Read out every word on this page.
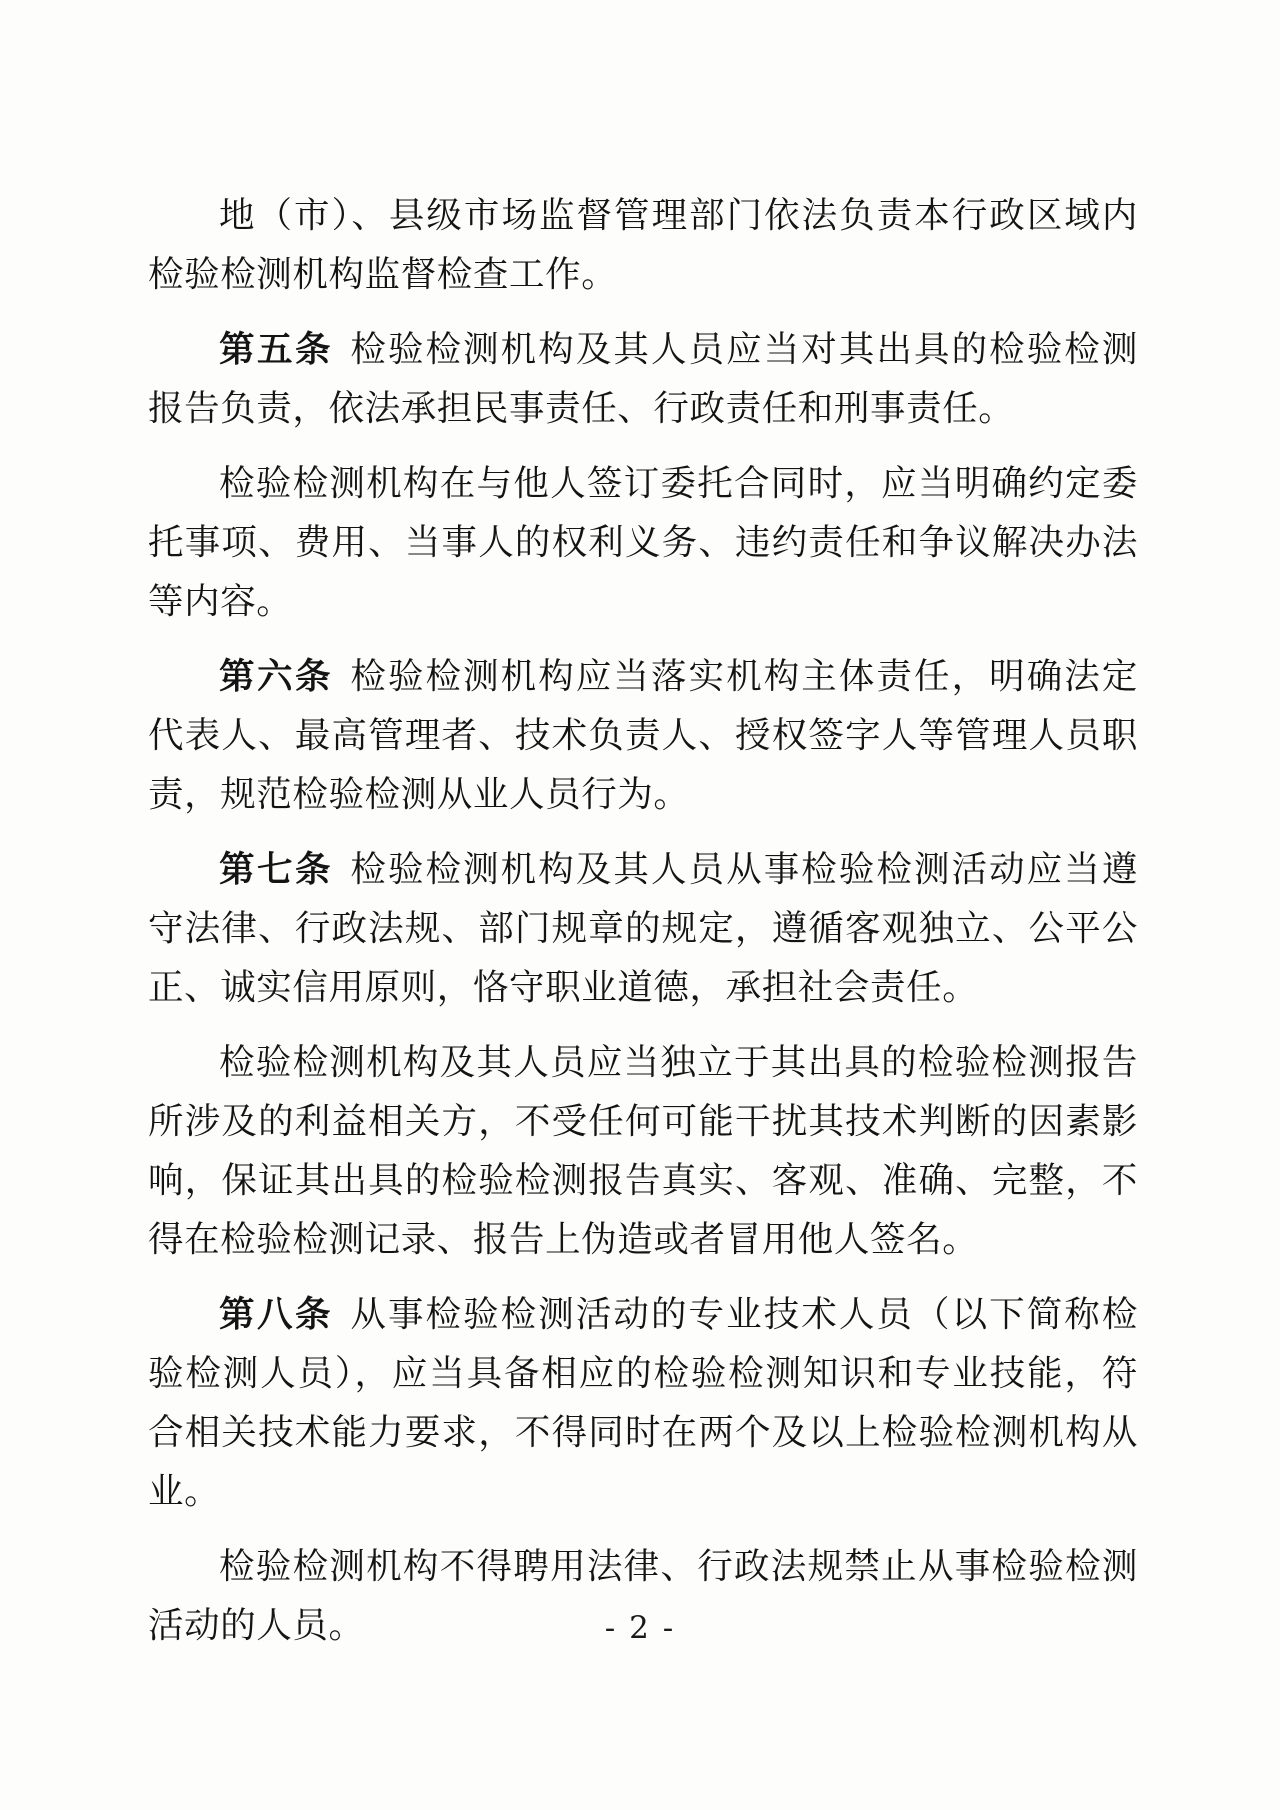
地（市）、县级市场监督管理部门依法负责本行政区域内检验检测机构监督检查工作。

第五条 检验检测机构及其人员应当对其出具的检验检测报告负责，依法承担民事责任、行政责任和刑事责任。

检验检测机构在与他人签订委托合同时，应当明确约定委托事项、费用、当事人的权利义务、违约责任和争议解决办法等内容。

第六条 检验检测机构应当落实机构主体责任，明确法定代表人、最高管理者、技术负责人、授权签字人等管理人员职责，规范检验检测从业人员行为。

第七条 检验检测机构及其人员从事检验检测活动应当遵守法律、行政法规、部门规章的规定，遵循客观独立、公平公正、诚实信用原则，恪守职业道德，承担社会责任。

检验检测机构及其人员应当独立于其出具的检验检测报告所涉及的利益相关方，不受任何可能干扰其技术判断的因素影响，保证其出具的检验检测报告真实、客观、准确、完整，不得在检验检测记录、报告上伪造或者冒用他人签名。

第八条 从事检验检测活动的专业技术人员（以下简称检验检测人员），应当具备相应的检验检测知识和专业技能，符合相关技术能力要求，不得同时在两个及以上检验检测机构从业。

检验检测机构不得聘用法律、行政法规禁止从事检验检测活动的人员。	- 2 -
